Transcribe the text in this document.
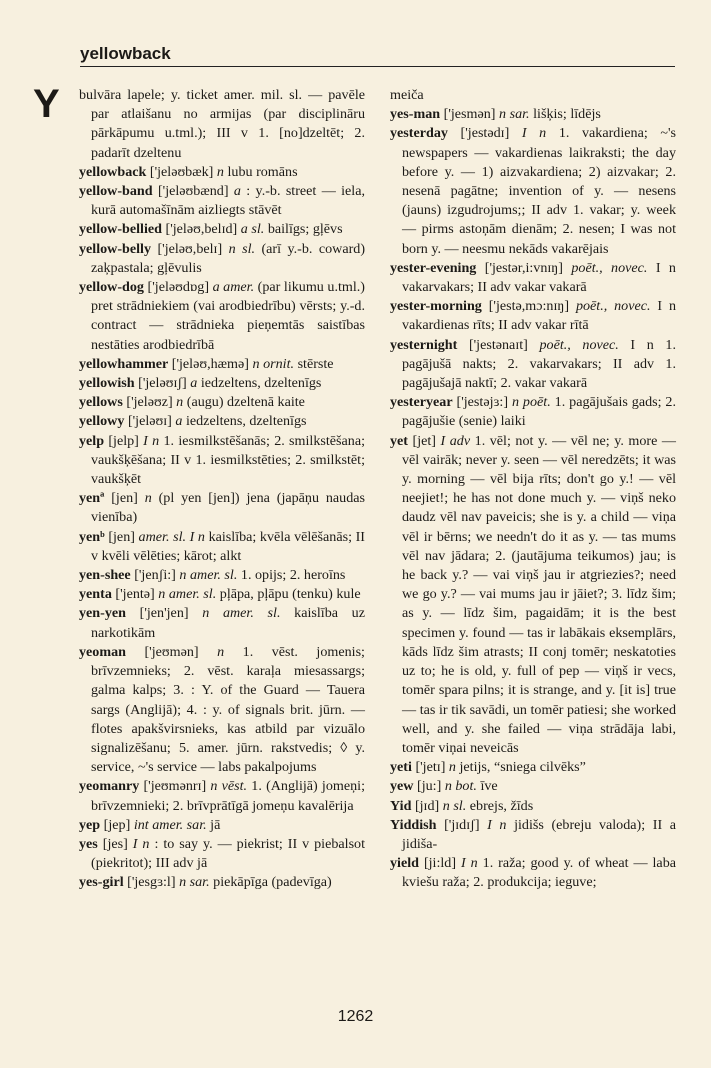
yellowback
Y bulvāra lapele; y. ticket amer. mil. sl. — pavēle par atlaišanu no armijas (par disciplināru pārkāpumu u.tml.); III v 1. [no]dzeltēt; 2. padarīt dzeltenu

yellowback ['jeləʊbæk] n lubu romāns

yellow-band ['jeləʊbænd] a : y.-b. street — iela, kurā automašīnām aizliegts stāvēt

yellow-bellied ['jeləʊ,belɪd] a sl. bailīgs; gļēvs

yellow-belly ['jeləʊ,belɪ] n sl. (arī y.-b. coward) zaķpastala; gļēvulis

yellow-dog ['jeləʊdɒg] a amer. (par likumu u.tml.) pret strādniekiem (vai arodbiedrību) vērsts; y.-d. contract — strādnieka pieņemtās saistības nestāties arodbiedrībā

yellowhammer ['jeləʊ,hæmə] n ornit. stērste

yellowish ['jeləʊɪʃ] a iedzeltens, dzeltenīgs

yellows ['jeləʊz] n (augu) dzeltenā kaite

yellowy ['jeləʊɪ] a iedzeltens, dzeltenīgs

yelp [jelp] I n 1. iesmilkstēšanās; 2. smilkstēšana; vaukšķēšana; II v 1. iesmilkstēties; 2. smilkstēt; vaukšķēt

yenª [jen] n (pl yen [jen]) jena (japāņu naudas vienība)

yenᵇ [jen] amer. sl. I n kaislība; kvēla vēlēšanās; II v kvēli vēlēties; kārot; alkt

yen-shee ['jenʃi:] n amer. sl. 1. opijs; 2. heroīns

yenta ['jentə] n amer. sl. pļāpa, pļāpu (tenku) kule

yen-yen ['jen'jen] n amer. sl. kaislība uz narkotikām

yeoman ['jeʊmən] n 1. vēst. jomenis; brīvzemnieks; 2. vēst. karaļa miesassargs; galma kalps; 3. : Y. of the Guard — Tauera sargs (Anglijā); 4. : y. of signals brit. jūrn. — flotes apakšvirsnieks, kas atbild par vizuālo signalizēšanu; 5. amer. jūrn. rakstvedis; ◊ y. service, ~'s service — labs pakalpojums

yeomanry ['jeʊmənrɪ] n vēst. 1. (Anglijā) jomeņi; brīvzemnieki; 2. brīvprātīgā jomeņu kavalērija

yep [jep] int amer. sar. jā

yes [jes] I n : to say y. — piekrist; II v piebalsot (piekritot); III adv jā

yes-girl ['jesgɜ:l] n sar. piekāpīga (padevīga)

meiča

yes-man ['jesmən] n sar. lišķis; līdējs

yesterday ['jestədɪ] I n 1. vakardiena; ~'s newspapers — vakardienas laikraksti; the day before y. — 1) aizvakardiena; 2) aizvakar; 2. nesenā pagātne; invention of y. — nesens (jauns) izgudrojums;; II adv 1. vakar; y. week — pirms astoņām dienām; 2. nesen; I was not born y. — neesmu nekāds vakarējais

yester-evening ['jestər,i:vnɪŋ] poēt., novec. I n vakarvakars; II adv vakar vakarā

yester-morning ['jestə,mɔ:nɪŋ] poēt., novec. I n vakardienas rīts; II adv vakar rītā

yesternight ['jestənaɪt] poēt., novec. I n 1. pagājušā nakts; 2. vakarvakars; II adv 1. pagājušajā naktī; 2. vakar vakarā

yesteryear ['jestəjɜ:] n poēt. 1. pagājušais gads; 2. pagājušie (senie) laiki

yet [jet] I adv 1. vēl; not y. — vēl ne; y. more — vēl vairāk; never y. seen — vēl neredzēts; it was y. morning — vēl bija rīts; don't go y.! — vēl neejiet!; he has not done much y. — viņš neko daudz vēl nav paveicis; she is y. a child — viņa vēl ir bērns; we needn't do it as y. — tas mums vēl nav jādara; 2. (jautājuma teikumos) jau; is he back y.? — vai viņš jau ir atgriezies?; need we go y.? — vai mums jau ir jāiet?; 3. līdz šim; as y. — līdz šim, pagaidām; it is the best specimen y. found — tas ir labākais eksemplārs, kāds līdz šim atrasts; II conj tomēr; neskatoties uz to; he is old, y. full of pep — viņš ir vecs, tomēr spara pilns; it is strange, and y. [it is] true — tas ir tik savādi, un tomēr patiesi; she worked well, and y. she failed — viņa strādāja labi, tomēr viņai neveicās

yeti ['jetɪ] n jetijs, “sniega cilvēks”

yew [ju:] n bot. īve

Yid [jɪd] n sl. ebrejs, žīds

Yiddish ['jɪdɪʃ] I n jidišs (ebreju valoda); II a jidiša-

yield [ji:ld] I n 1. raža; good y. of wheat — laba kviešu raža; 2. produkcija; ieguve;

1262
